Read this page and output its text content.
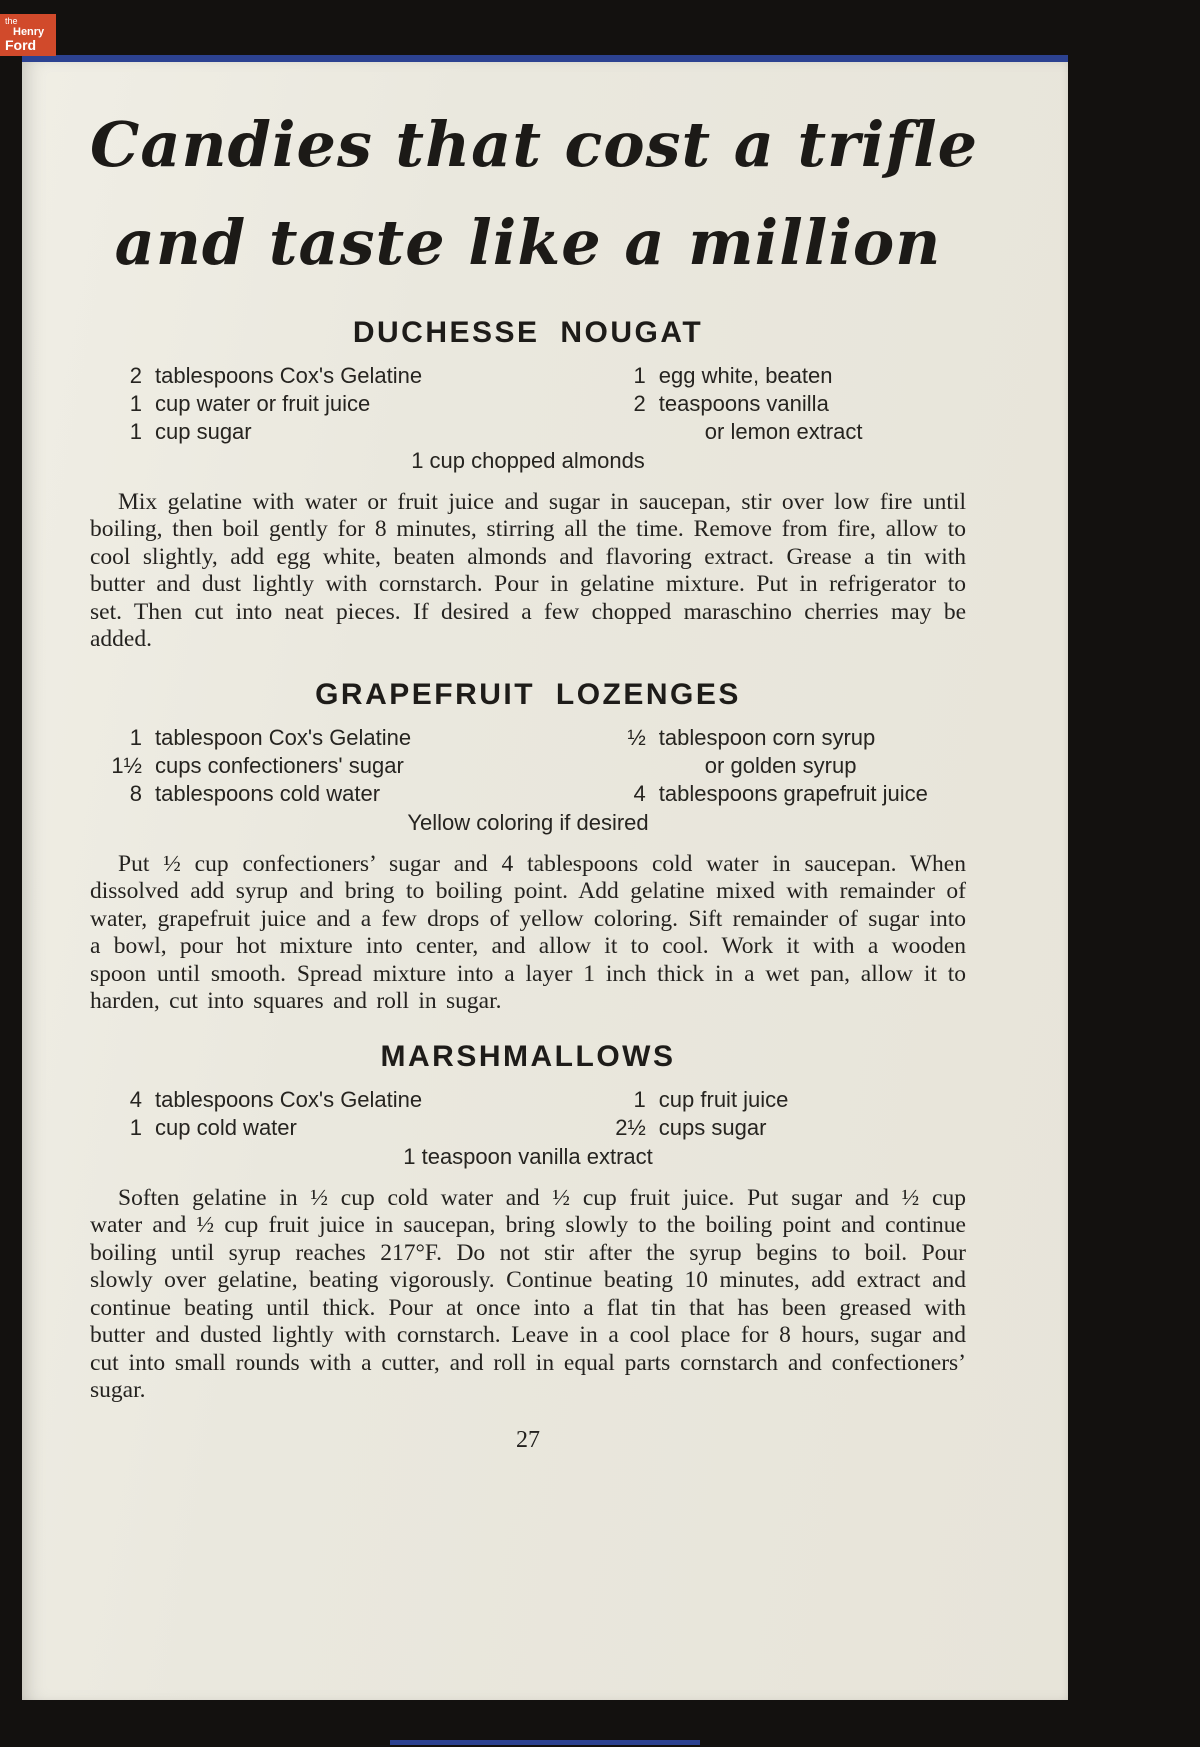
the
Henry
Ford
Candies that cost a trifle
and taste like a million
DUCHESSE NOUGAT
2 tablespoons Cox's Gelatine
1 cup water or fruit juice
1 cup sugar
1 egg white, beaten
2 teaspoons vanilla
or lemon extract
1 cup chopped almonds

Mix gelatine with water or fruit juice and sugar in saucepan, stir over low fire until boiling, then boil gently for 8 minutes, stirring all the time. Remove from fire, allow to cool slightly, add egg white, beaten almonds and flavoring extract. Grease a tin with butter and dust lightly with cornstarch. Pour in gelatine mixture. Put in refrigerator to set. Then cut into neat pieces. If desired a few chopped maraschino cherries may be added.

GRAPEFRUIT LOZENGES
1 tablespoon Cox's Gelatine
1½ cups confectioners' sugar
8 tablespoons cold water
½ tablespoon corn syrup
or golden syrup
4 tablespoons grapefruit juice
Yellow coloring if desired

Put ½ cup confectioners’ sugar and 4 tablespoons cold water in saucepan. When dissolved add syrup and bring to boiling point. Add gelatine mixed with remainder of water, grapefruit juice and a few drops of yellow coloring. Sift remainder of sugar into a bowl, pour hot mixture into center, and allow it to cool. Work it with a wooden spoon until smooth. Spread mixture into a layer 1 inch thick in a wet pan, allow it to harden, cut into squares and roll in sugar.

MARSHMALLOWS
4 tablespoons Cox's Gelatine
1 cup cold water
1 cup fruit juice
2½ cups sugar
1 teaspoon vanilla extract

Soften gelatine in ½ cup cold water and ½ cup fruit juice. Put sugar and ½ cup water and ½ cup fruit juice in saucepan, bring slowly to the boiling point and continue boiling until syrup reaches 217°F. Do not stir after the syrup begins to boil. Pour slowly over gelatine, beating vigorously. Continue beating 10 minutes, add extract and continue beating until thick. Pour at once into a flat tin that has been greased with butter and dusted lightly with cornstarch. Leave in a cool place for 8 hours, sugar and cut into small rounds with a cutter, and roll in equal parts cornstarch and confectioners’ sugar.

27
